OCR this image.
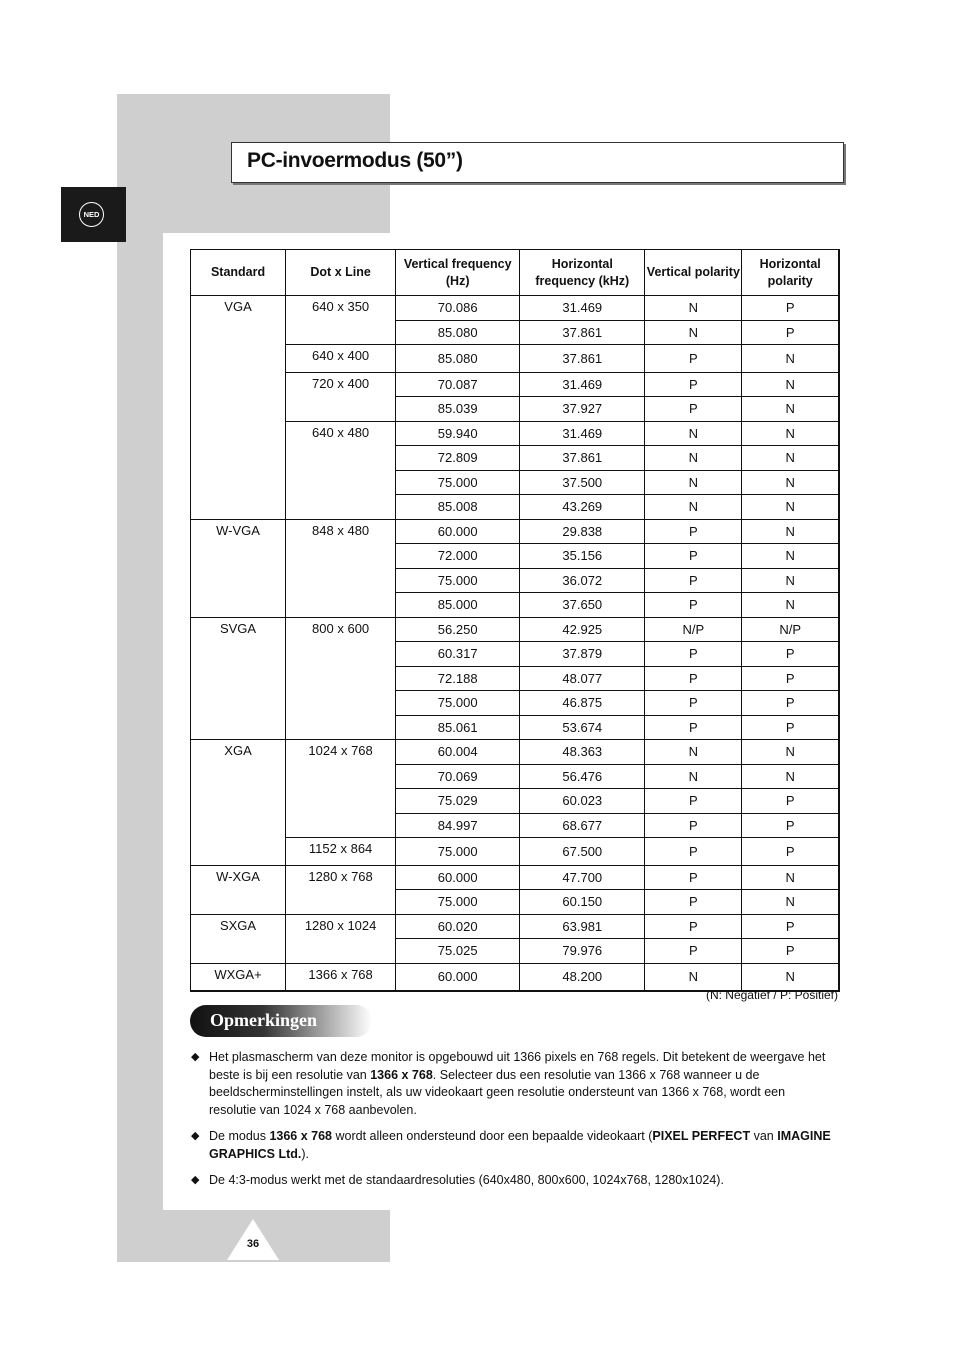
NED
PC-invoermodus (50”)
Standard	Dot x Line	Vertical frequency (Hz)	Horizontal frequency (kHz)	Vertical polarity	Horizontal polarity
VGA	640 x 350	70.086	31.469	N	P
		85.080	37.861	N	P
	640 x 400	85.080	37.861	P	N
	720 x 400	70.087	31.469	P	N
		85.039	37.927	P	N
	640 x 480	59.940	31.469	N	N
		72.809	37.861	N	N
		75.000	37.500	N	N
		85.008	43.269	N	N
W-VGA	848 x 480	60.000	29.838	P	N
		72.000	35.156	P	N
		75.000	36.072	P	N
		85.000	37.650	P	N
SVGA	800 x 600	56.250	42.925	N/P	N/P
		60.317	37.879	P	P
		72.188	48.077	P	P
		75.000	46.875	P	P
		85.061	53.674	P	P
XGA	1024 x 768	60.004	48.363	N	N
		70.069	56.476	N	N
		75.029	60.023	P	P
		84.997	68.677	P	P
	1152 x 864	75.000	67.500	P	P
W-XGA	1280 x 768	60.000	47.700	P	N
		75.000	60.150	P	N
SXGA	1280 x 1024	60.020	63.981	P	P
		75.025	79.976	P	P
WXGA+	1366 x 768	60.000	48.200	N	N
(N: Negatief / P: Positief)
Opmerkingen
◆ Het plasmascherm van deze monitor is opgebouwd uit 1366 pixels en 768 regels. Dit betekent de weergave het beste is bij een resolutie van 1366 x 768. Selecteer dus een resolutie van 1366 x 768 wanneer u de beeldscherminstellingen instelt, als uw videokaart geen resolutie ondersteunt van 1366 x 768, wordt een resolutie van 1024 x 768 aanbevolen.
◆ De modus 1366 x 768 wordt alleen ondersteund door een bepaalde videokaart (PIXEL PERFECT van IMAGINE GRAPHICS Ltd.).
◆ De 4:3-modus werkt met de standaardresoluties (640x480, 800x600, 1024x768, 1280x1024).
36
